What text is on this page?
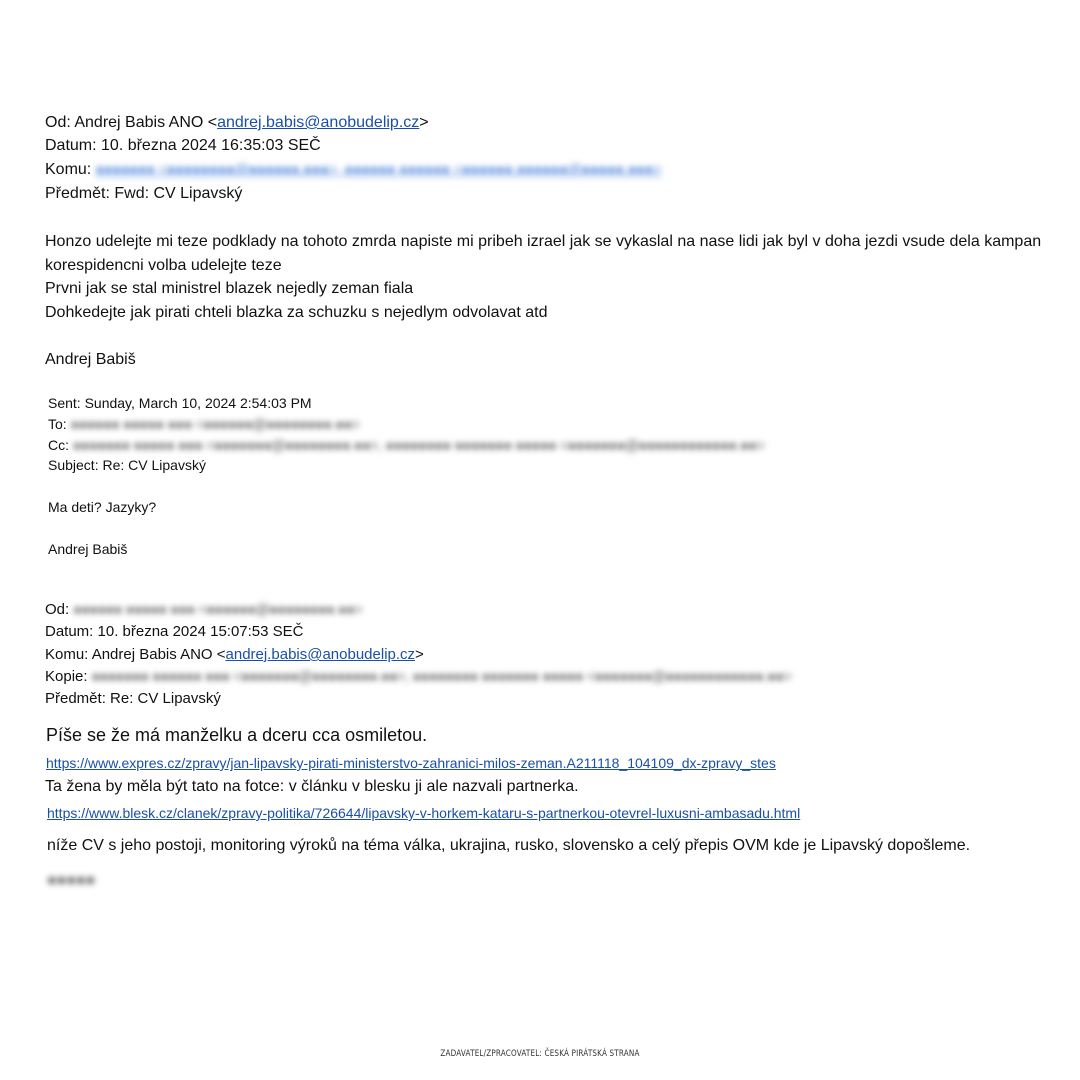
Od: Andrej Babis ANO <andrej.babis@anobudelip.cz>
Datum: 10. března 2024 16:35:03 SEČ
Komu: ●●●●●●● <●●●●●●●●@●●●●●●.●●●>, ●●●●●● ●●●●●● <●●●●●●.●●●●●●@●●●●●.●●●>
Předmět: Fwd: CV Lipavský
Honzo udelejte mi teze podklady na tohoto zmrda napiste mi pribeh izrael jak se vykaslal na nase lidi jak byl v doha jezdi vsude dela kampan
korespidencni volba udelejte teze
Prvni jak se stal ministrel blazek nejedly zeman fiala
Dohkedejte jak pirati chteli blazka za schuzku s nejedlym odvolavat atd
Andrej Babiš
Sent: Sunday, March 10, 2024 2:54:03 PM
To: ●●●●●● ●●●●● ●●● <●●●●●●@●●●●●●●●.●●>
Cc: ●●●●●●● ●●●●● ●●● <●●●●●●●@●●●●●●●●.●●>, ●●●●●●●● ●●●●●●● ●●●●● <●●●●●●●@●●●●●●●●●●●●.●●>
Subject: Re: CV Lipavský
Ma deti? Jazyky?
Andrej Babiš
Od: ●●●●●● ●●●●● ●●● <●●●●●●@●●●●●●●●.●●>
Datum: 10. března 2024 15:07:53 SEČ
Komu: Andrej Babis ANO <andrej.babis@anobudelip.cz>
Kopie: ●●●●●●● ●●●●●● ●●● <●●●●●●●@●●●●●●●●.●●>, ●●●●●●●● ●●●●●●● ●●●●● <●●●●●●●@●●●●●●●●●●●●.●●>
Předmět: Re: CV Lipavský
Píše se že má manželku a dceru cca osmiletou.
https://www.expres.cz/zpravy/jan-lipavsky-pirati-ministerstvo-zahranici-milos-zeman.A211118_104109_dx-zpravy_stes
Ta žena by měla být tato na fotce: v článku v blesku ji ale nazvali partnerka.
https://www.blesk.cz/clanek/zpravy-politika/726644/lipavsky-v-horkem-kataru-s-partnerkou-otevrel-luxusni-ambasadu.html
níže CV s jeho postoji, monitoring výroků na téma válka, ukrajina, rusko, slovensko a celý přepis OVM kde je Lipavský dopošleme.
●●●●●
ZADAVATEL/ZPRACOVATEL: ČESKÁ PIRÁTSKÁ STRANA
